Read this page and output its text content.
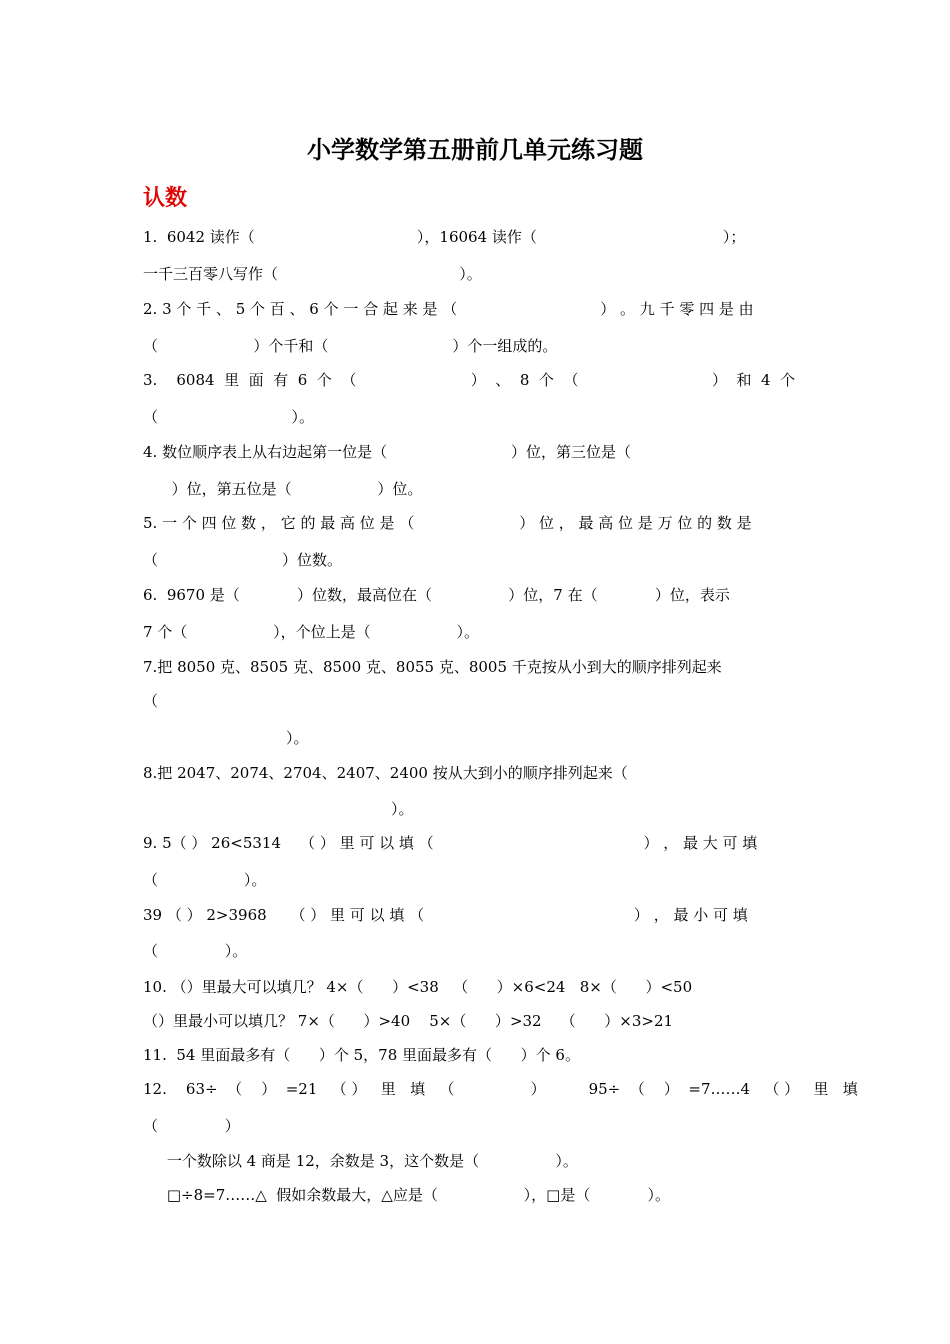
小学数学第五册前几单元练习题
认数
1.  6042 读作（                                  ），16064 读作（                                       ）；
一千三百零八写作（                                      ）。
2. 3 个 千 、 5 个 百 、 6 个 一 合 起 来 是 （                              ） 。 九 千 零 四 是 由
（                    ）个千和（                          ）个一组成的。
3.    6084  里  面  有  6  个  （                        ）  、  8  个  （                            ）  和  4  个
（                            ）。
4. 数位顺序表上从右边起第一位是（                          ）位，第三位是（
）位，第五位是（                  ）位。
5. 一 个 四 位 数 ， 它 的 最 高 位 是 （                      ） 位 ， 最 高 位 是 万 位 的 数 是
（                          ）位数。
6.  9670 是（            ）位数，最高位在（                ）位，7 在（            ）位，表示
7 个（                  ），个位上是（                  ）。
7.把 8050 克、8505 克、8500 克、8055 克、8005 千克按从小到大的顺序排列起来
（
）。
8.把 2047、2074、2704、2407、2400 按从大到小的顺序排列起来（
）。
9. 5（ ） 26<5314    （ ） 里 可 以 填 （                                            ） ， 最 大 可 填
（                  ）。
39 （ ） 2>3968     （ ） 里 可 以 填 （                                            ） ， 最 小 可 填
（              ）。
10. （）里最大可以填几？ 4×（      ）<38   （      ）×6<24   8×（      ）<50
（）里最小可以填几？ 7×（      ）>40    5×（      ）>32    （      ）×3>21
11.  54 里面最多有（      ）个 5，78 里面最多有（      ）个 6。
12.    63÷  （    ）  =21   （ ）   里   填   （                ）         95÷  （    ）  =7……4   （ ）   里   填
（              ）
一个数除以 4 商是 12，余数是 3，这个数是（                ）。
□÷8=7……△  假如余数最大，△应是（                  ），□是（            ）。
